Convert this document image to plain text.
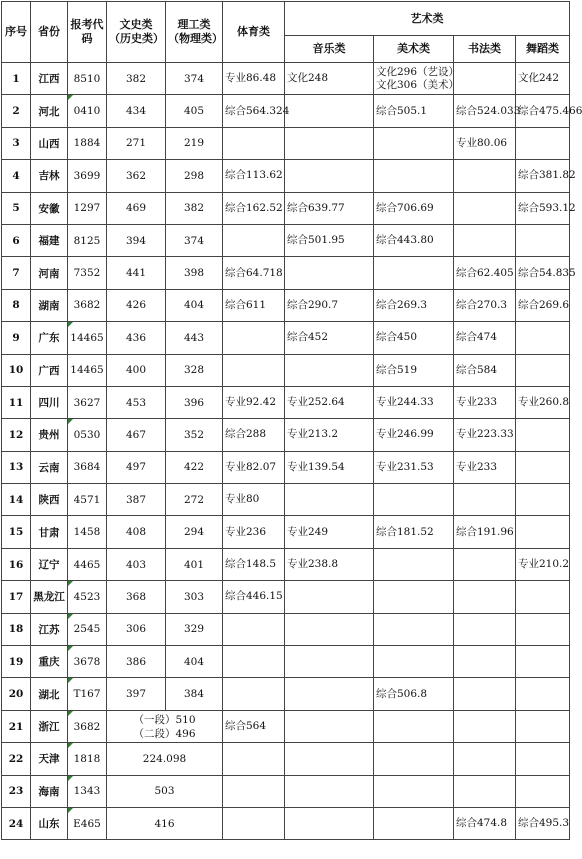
序号	省份	报考代码	文史类（历史类）	理工类（物理类）	体育类	艺术类			
						音乐类	美术类	书法类	舞蹈类
1	江西	8510	382	374	专业86.48	文化248	文化296（艺设）
文化306（美术）		文化242
2	河北	0410	434	405	综合564.324		综合505.1	综合524.033	综合475.466
3	山西	1884	271	219				专业80.06	
4	吉林	3699	362	298	综合113.62				综合381.82
5	安徽	1297	469	382	综合162.52	综合639.77	综合706.69		综合593.12
6	福建	8125	394	374		综合501.95	综合443.80		
7	河南	7352	441	398	综合64.718			综合62.405	综合54.835
8	湖南	3682	426	404	综合611	综合290.7	综合269.3	综合270.3	综合269.6
9	广东	14465	436	443		综合452	综合450	综合474	
10	广西	14465	400	328			综合519	综合584	
11	四川	3627	453	396	专业92.42	专业252.64	专业244.33	专业233	专业260.8
12	贵州	0530	467	352	综合288	专业213.2	专业246.99	专业223.33	
13	云南	3684	497	422	专业82.07	专业139.54	专业231.53	专业233	
14	陕西	4571	387	272	专业80				
15	甘肃	1458	408	294	专业236	专业249	综合181.52	综合191.96	
16	辽宁	4465	403	401	综合148.5	专业238.8			专业210.2
17	黑龙江	4523	368	303	综合446.15				
18	江苏	2545	306	329					
19	重庆	3678	386	404					
20	湖北	T167	397	384			综合506.8		
21	浙江	3682	（一段）510
（二段）496		综合564				
22	天津	1818	224.098						
23	海南	1343	503						
24	山东	E465	416					综合474.8	综合495.3
